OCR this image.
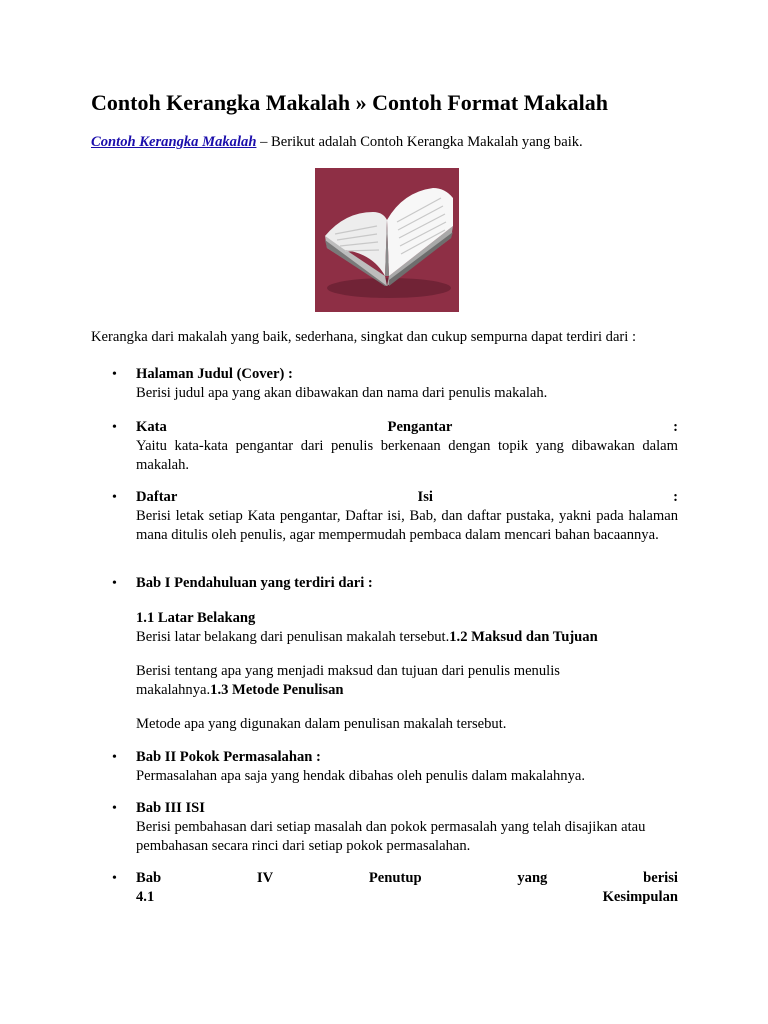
Contoh Kerangka Makalah » Contoh Format Makalah
Contoh Kerangka Makalah – Berikut adalah Contoh Kerangka Makalah yang baik.
Kerangka dari makalah yang baik, sederhana, singkat dan cukup sempurna dapat terdiri dari :
• Halaman Judul (Cover) :

Berisi judul apa yang akan dibawakan dan nama dari penulis makalah.

• Kata	Pengantar	:

Yaitu kata-kata pengantar dari penulis berkenaan dengan topik yang dibawakan dalam makalah.

• Daftar	Isi	:

Berisi letak setiap Kata pengantar, Daftar isi, Bab, dan daftar pustaka, yakni pada halaman mana ditulis oleh penulis, agar mempermudah pembaca dalam mencari bahan bacaannya.

• Bab I Pendahuluan yang terdiri dari :

1.1 Latar Belakang

Berisi latar belakang dari penulisan makalah tersebut.1.2 Maksud dan Tujuan

Berisi tentang apa yang menjadi maksud dan tujuan dari penulis menulis makalahnya.1.3 Metode Penulisan

Metode apa yang digunakan dalam penulisan makalah tersebut.

• Bab II Pokok Permasalahan :

Permasalahan apa saja yang hendak dibahas oleh penulis dalam makalahnya.

• Bab III ISI

Berisi pembahasan dari setiap masalah dan pokok permasalah yang telah disajikan atau pembahasan secara rinci dari setiap pokok permasalahan.

• Bab	IV	Penutup	yang	berisi
4.1	Kesimpulan
